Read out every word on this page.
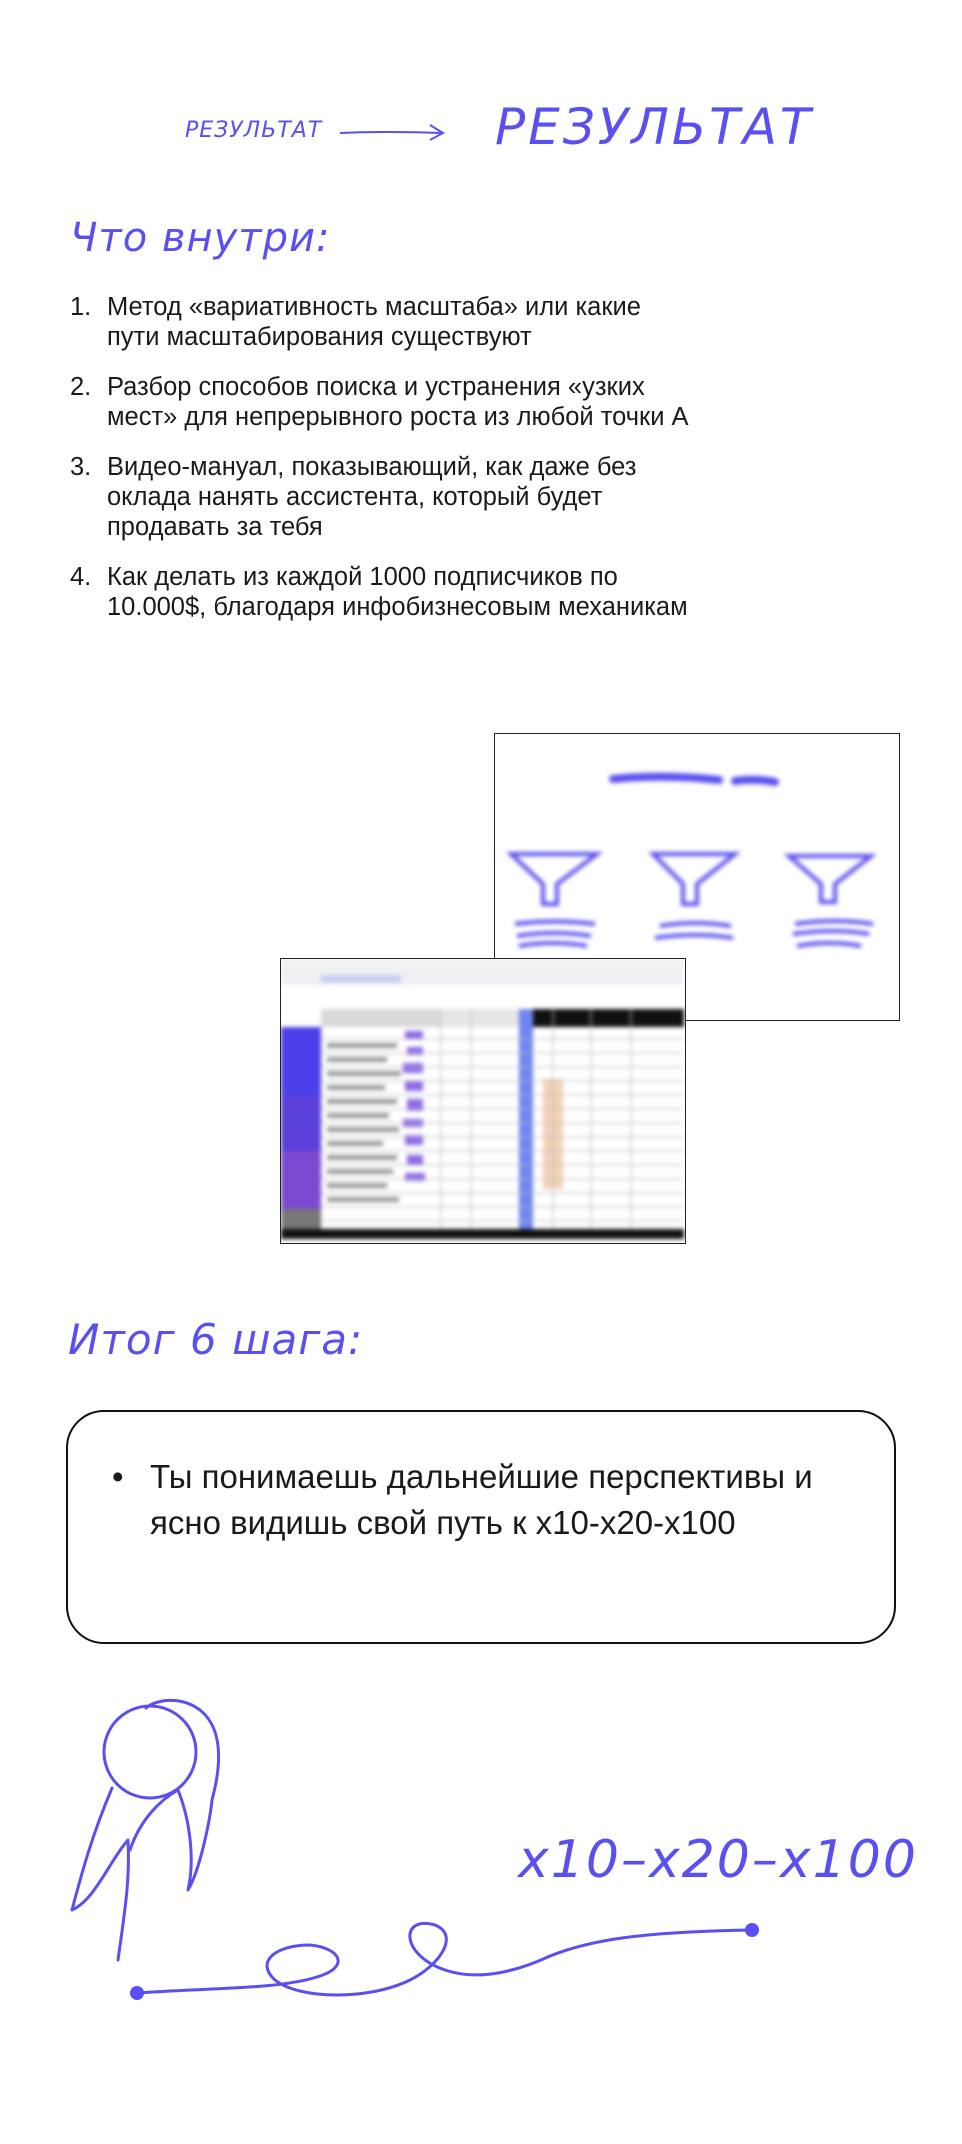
РЕЗУЛЬТАТ	РЕЗУЛЬТАТ
Что внутри:
1. Метод «вариативность масштаба» или какие пути масштабирования существуют
2. Разбор способов поиска и устранения «узких мест» для непрерывного роста из любой точки А
3. Видео-мануал, показывающий, как даже без оклада нанять ассистента, который будет продавать за тебя
4. Как делать из каждой 1000 подписчиков по 10.000$, благодаря инфобизнесовым механикам
Итог 6 шага:
• Ты понимаешь дальнейшие перспективы и ясно видишь свой путь к х10-х20-х100
х10–х20–х100
